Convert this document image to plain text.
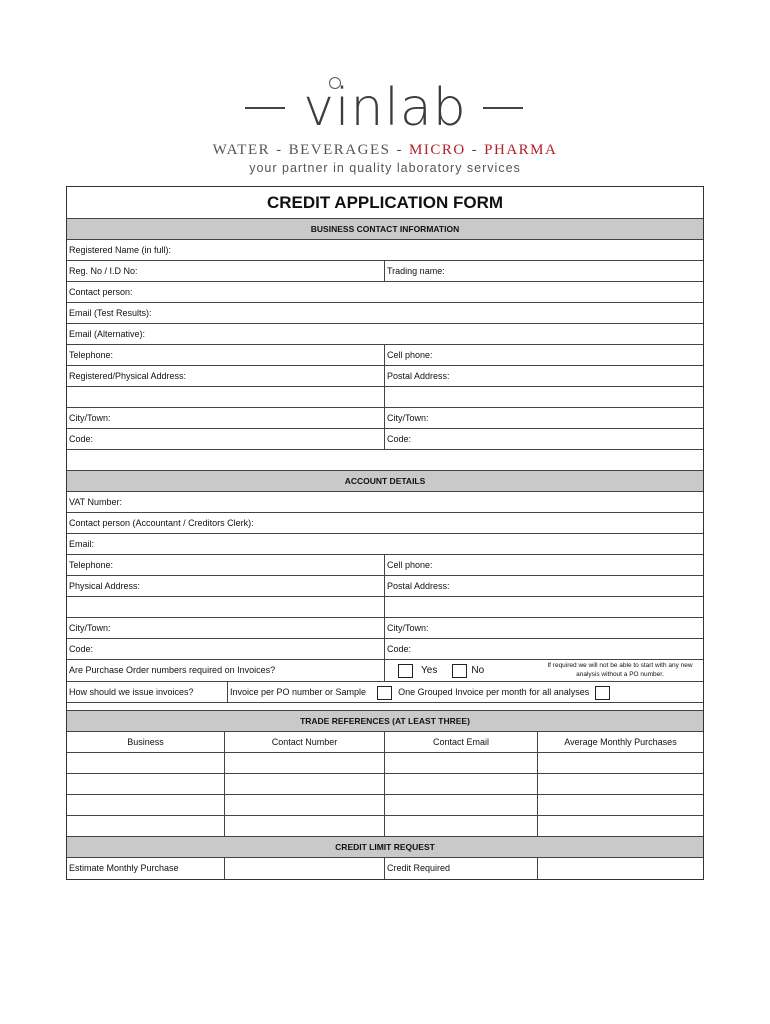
vinlab
WATER - BEVERAGES - MICRO - PHARMA
your partner in quality laboratory services
CREDIT APPLICATION FORM
BUSINESS CONTACT INFORMATION
Registered Name (in full):
Reg. No / I.D No:	Trading name:
Contact person:
Email (Test Results):
Email (Alternative):
Telephone:	Cell phone:
Registered/Physical Address:	Postal Address:
City/Town:	City/Town:
Code:	Code:
ACCOUNT DETAILS
VAT Number:
Contact person (Accountant / Creditors Clerk):
Email:
Telephone:	Cell phone:
Physical Address:	Postal Address:
City/Town:	City/Town:
Code:	Code:
Are Purchase Order numbers required on Invoices?	Yes	No	If required we will not be able to start with any new analysis without a PO number.
How should we issue invoices?	Invoice per PO number or Sample	One Grouped Invoice per month for all analyses
TRADE REFERENCES (AT LEAST THREE)
Business	Contact Number	Contact Email	Average Monthly Purchases
CREDIT LIMIT REQUEST
Estimate Monthly Purchase	Credit Required
